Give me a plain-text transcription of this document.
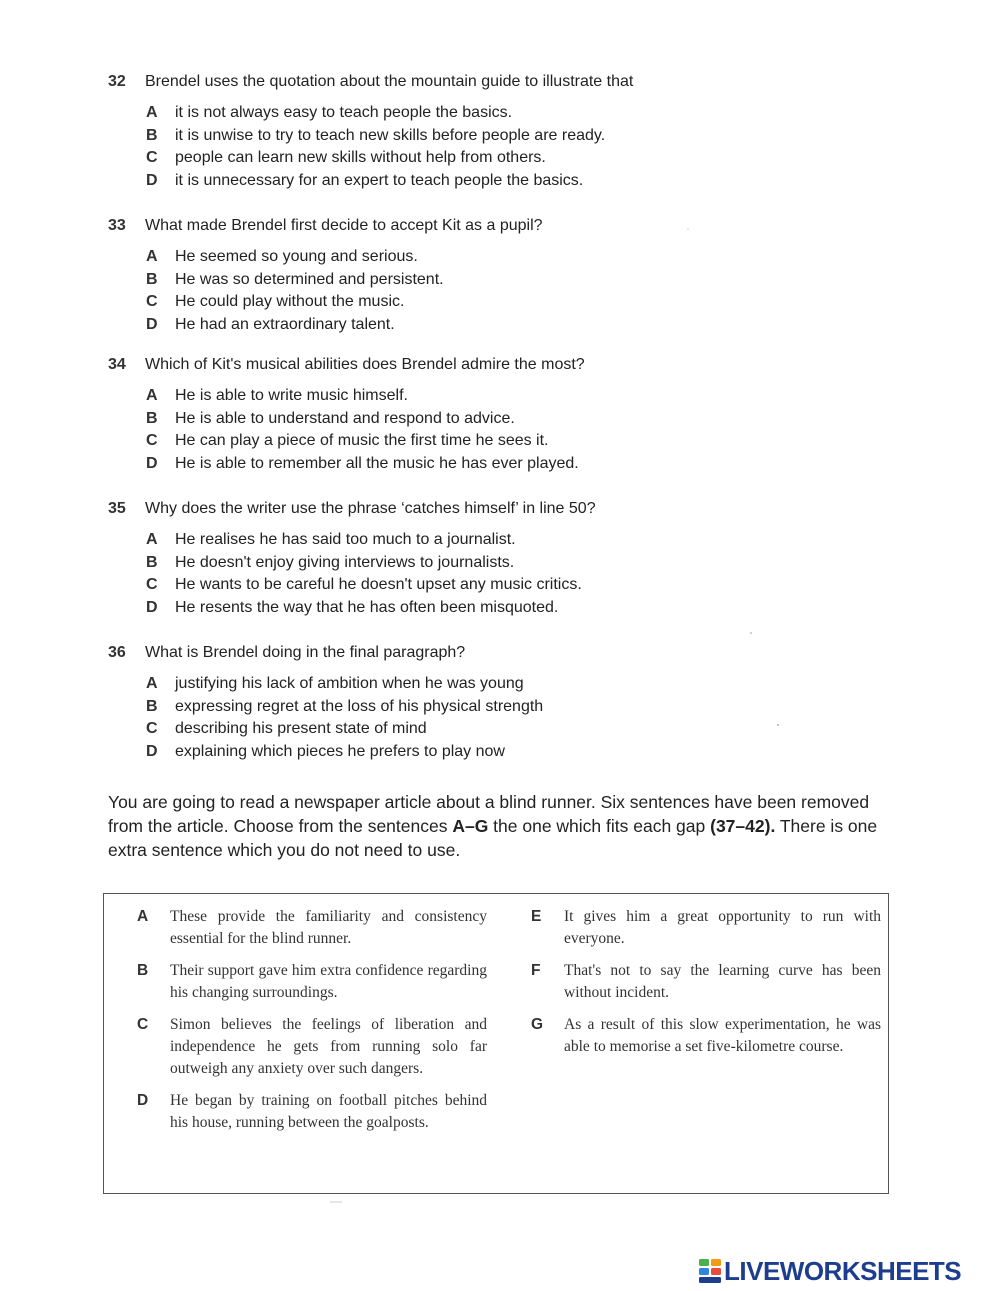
32 Brendel uses the quotation about the mountain guide to illustrate that
A it is not always easy to teach people the basics.
B it is unwise to try to teach new skills before people are ready.
C people can learn new skills without help from others.
D it is unnecessary for an expert to teach people the basics.
33 What made Brendel first decide to accept Kit as a pupil?
A He seemed so young and serious.
B He was so determined and persistent.
C He could play without the music.
D He had an extraordinary talent.
34 Which of Kit's musical abilities does Brendel admire the most?
A He is able to write music himself.
B He is able to understand and respond to advice.
C He can play a piece of music the first time he sees it.
D He is able to remember all the music he has ever played.
35 Why does the writer use the phrase ‘catches himself’ in line 50?
A He realises he has said too much to a journalist.
B He doesn't enjoy giving interviews to journalists.
C He wants to be careful he doesn't upset any music critics.
D He resents the way that he has often been misquoted.
36 What is Brendel doing in the final paragraph?
A justifying his lack of ambition when he was young
B expressing regret at the loss of his physical strength
C describing his present state of mind
D explaining which pieces he prefers to play now

You are going to read a newspaper article about a blind runner. Six sentences have been removed from the article. Choose from the sentences A–G the one which fits each gap (37–42). There is one extra sentence which you do not need to use.

A These provide the familiarity and consistency essential for the blind runner.
B Their support gave him extra confidence regarding his changing surroundings.
C Simon believes the feelings of liberation and independence he gets from running solo far outweigh any anxiety over such dangers.
D He began by training on football pitches behind his house, running between the goalposts.
E It gives him a great opportunity to run with everyone.
F That's not to say the learning curve has been without incident.
G As a result of this slow experimentation, he was able to memorise a set five-kilometre course.
LIVEWORKSHEETS
